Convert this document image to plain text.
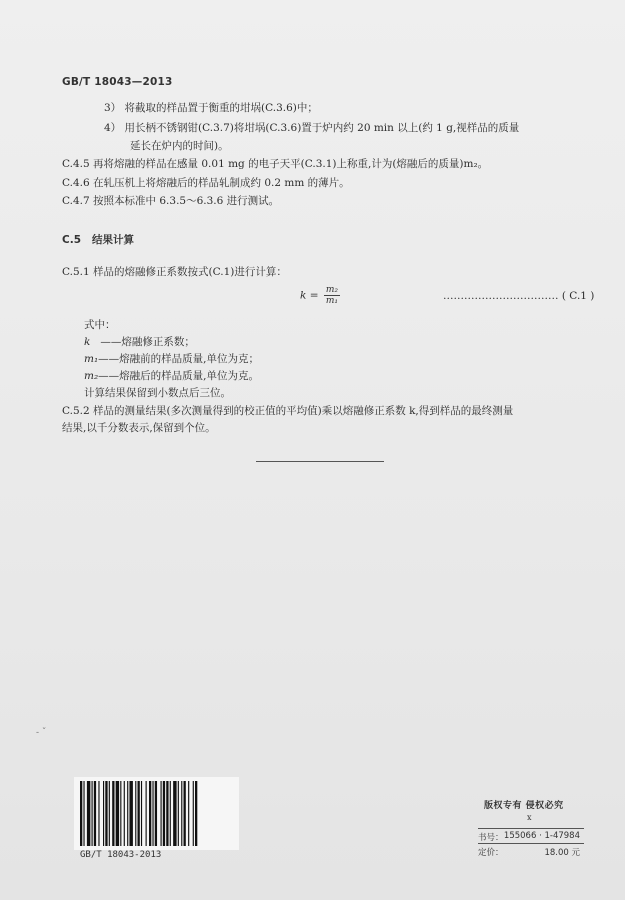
GB/T 18043—2013
3） 将截取的样品置于衡重的坩埚(C.3.6)中；
4） 用长柄不锈钢钳(C.3.7)将坩埚(C.3.6)置于炉内约 20 min 以上(约 1 g,视样品的质量
延长在炉内的时间)。
C.4.5 再将熔融的样品在感量 0.01 mg 的电子天平(C.3.1)上称重,计为(熔融后的质量)m₂。
C.4.6 在轧压机上将熔融后的样品轧制成约 0.2 mm 的薄片。
C.4.7 按照本标准中 6.3.5～6.3.6 进行测试。
C.5 结果计算
C.5.1 样品的熔融修正系数按式(C.1)进行计算：
$k = \frac{\text{m₂}}{\text{m₁}}$	…………………………… ( C.1 )
式中：
k ——熔融修正系数；
m₁——熔融前的样品质量,单位为克；
m₂——熔融后的样品质量,单位为克。
计算结果保留到小数点后三位。
C.5.2 样品的测量结果(多次测量得到的校正值的平均值)乘以熔融修正系数 k,得到样品的最终测量
结果,以千分数表示,保留到个位。
- ˇ
GB/T 18043-2013
版权专有 侵权必究
x
书号： 155066 · 1-47984
定价：	18.00 元
